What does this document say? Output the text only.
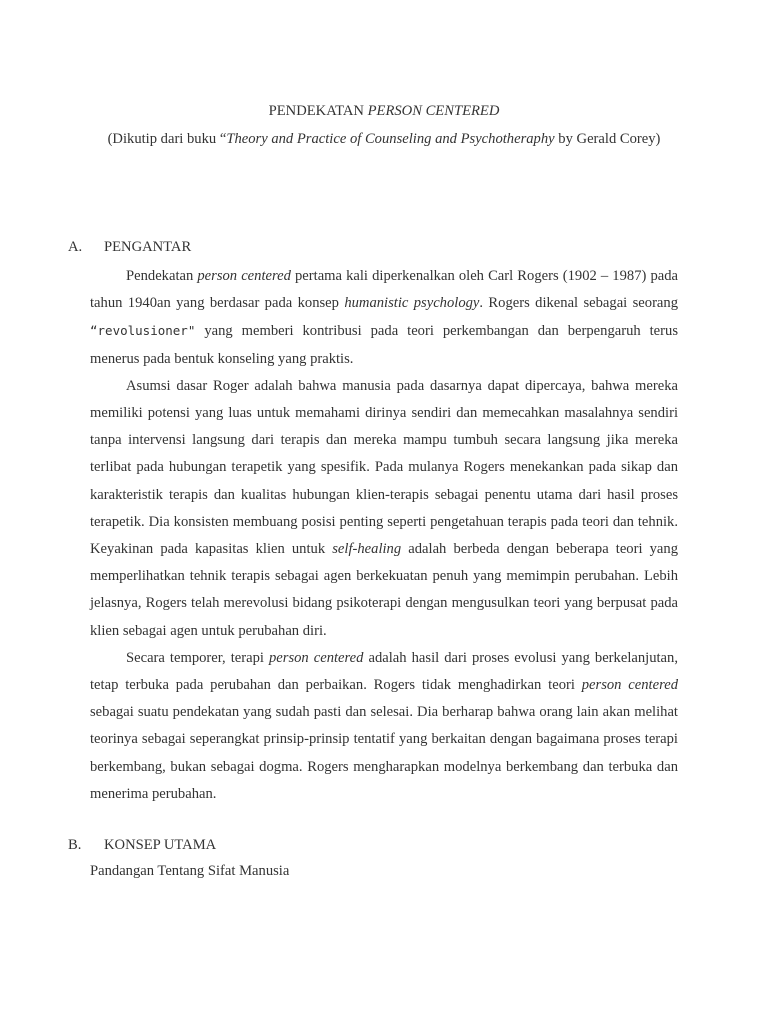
PENDEKATAN PERSON CENTERED
(Dikutip dari buku “Theory and Practice of Counseling and Psychotheraphy by Gerald Corey)
A. PENGANTAR

Pendekatan person centered pertama kali diperkenalkan oleh Carl Rogers (1902 – 1987) pada tahun 1940an yang berdasar pada konsep humanistic psychology. Rogers dikenal sebagai seorang “revolusioner" yang memberi kontribusi pada teori perkembangan dan berpengaruh terus menerus pada bentuk konseling yang praktis.

Asumsi dasar Roger adalah bahwa manusia pada dasarnya dapat dipercaya, bahwa mereka memiliki potensi yang luas untuk memahami dirinya sendiri dan memecahkan masalahnya sendiri tanpa intervensi langsung dari terapis dan mereka mampu tumbuh secara langsung jika mereka terlibat pada hubungan terapetik yang spesifik. Pada mulanya Rogers menekankan pada sikap dan karakteristik terapis dan kualitas hubungan klien-terapis sebagai penentu utama dari hasil proses terapetik. Dia konsisten membuang posisi penting seperti pengetahuan terapis pada teori dan tehnik. Keyakinan pada kapasitas klien untuk self-healing adalah berbeda dengan beberapa teori yang memperlihatkan tehnik terapis sebagai agen berkekuatan penuh yang memimpin perubahan. Lebih jelasnya, Rogers telah merevolusi bidang psikoterapi dengan mengusulkan teori yang berpusat pada klien sebagai agen untuk perubahan diri.

Secara temporer, terapi person centered adalah hasil dari proses evolusi yang berkelanjutan, tetap terbuka pada perubahan dan perbaikan. Rogers tidak menghadirkan teori person centered sebagai suatu pendekatan yang sudah pasti dan selesai. Dia berharap bahwa orang lain akan melihat teorinya sebagai seperangkat prinsip-prinsip tentatif yang berkaitan dengan bagaimana proses terapi berkembang, bukan sebagai dogma. Rogers mengharapkan modelnya berkembang dan terbuka dan menerima perubahan.

B. KONSEP UTAMA
Pandangan Tentang Sifat Manusia
